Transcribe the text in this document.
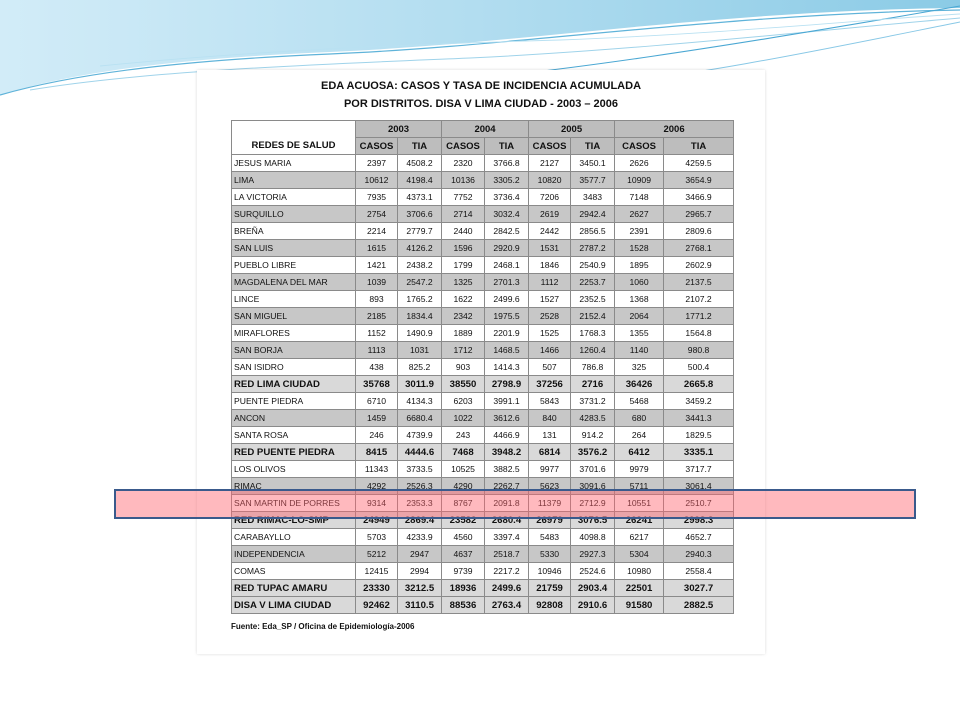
EDA ACUOSA: CASOS Y TASA DE INCIDENCIA ACUMULADA
POR DISTRITOS. DISA V LIMA CIUDAD - 2003 – 2006
REDES DE SALUD	2003		2004		2005		2006	
	CASOS	TIA	CASOS	TIA	CASOS	TIA	CASOS	TIA
JESUS MARIA	2397	4508.2	2320	3766.8	2127	3450.1	2626	4259.5
LIMA	10612	4198.4	10136	3305.2	10820	3577.7	10909	3654.9
LA VICTORIA	7935	4373.1	7752	3736.4	7206	3483	7148	3466.9
SURQUILLO	2754	3706.6	2714	3032.4	2619	2942.4	2627	2965.7
BREÑA	2214	2779.7	2440	2842.5	2442	2856.5	2391	2809.6
SAN LUIS	1615	4126.2	1596	2920.9	1531	2787.2	1528	2768.1
PUEBLO LIBRE	1421	2438.2	1799	2468.1	1846	2540.9	1895	2602.9
MAGDALENA DEL MAR	1039	2547.2	1325	2701.3	1112	2253.7	1060	2137.5
LINCE	893	1765.2	1622	2499.6	1527	2352.5	1368	2107.2
SAN MIGUEL	2185	1834.4	2342	1975.5	2528	2152.4	2064	1771.2
MIRAFLORES	1152	1490.9	1889	2201.9	1525	1768.3	1355	1564.8
SAN BORJA	1113	1031	1712	1468.5	1466	1260.4	1140	980.8
SAN ISIDRO	438	825.2	903	1414.3	507	786.8	325	500.4
RED LIMA CIUDAD	35768	3011.9	38550	2798.9	37256	2716	36426	2665.8
PUENTE PIEDRA	6710	4134.3	6203	3991.1	5843	3731.2	5468	3459.2
ANCON	1459	6680.4	1022	3612.6	840	4283.5	680	3441.3
SANTA ROSA	246	4739.9	243	4466.9	131	914.2	264	1829.5
RED PUENTE PIEDRA	8415	4444.6	7468	3948.2	6814	3576.2	6412	3335.1
LOS OLIVOS	11343	3733.5	10525	3882.5	9977	3701.6	9979	3717.7
RIMAC	4292	2526.3	4290	2262.7	5623	3091.6	5711	3061.4
SAN MARTIN DE PORRES	9314	2353.3	8767	2091.8	11379	2712.9	10551	2510.7
RED RIMAC-LO-SMP	24949	2869.4	23582	2680.4	26979	3076.5	26241	2998.3
CARABAYLLO	5703	4233.9	4560	3397.4	5483	4098.8	6217	4652.7
INDEPENDENCIA	5212	2947	4637	2518.7	5330	2927.3	5304	2940.3
COMAS	12415	2994	9739	2217.2	10946	2524.6	10980	2558.4
RED TUPAC AMARU	23330	3212.5	18936	2499.6	21759	2903.4	22501	3027.7
DISA V LIMA CIUDAD	92462	3110.5	88536	2763.4	92808	2910.6	91580	2882.5
Fuente: Eda_SP / Oficina de Epidemiología-2006
